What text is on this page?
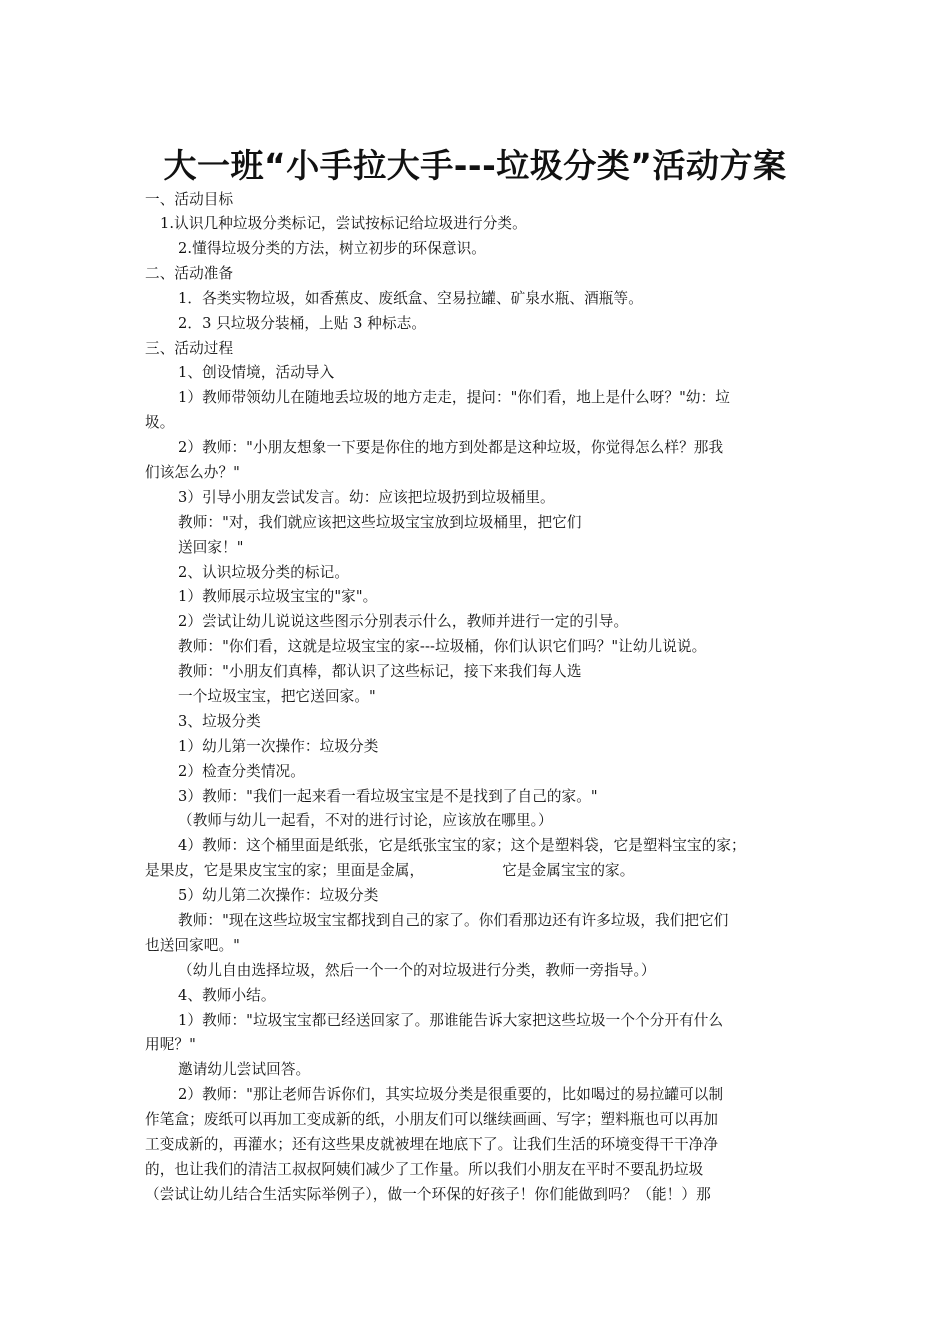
大一班“小手拉大手---垃圾分类”活动方案
一、活动目标
1.认识几种垃圾分类标记，尝试按标记给垃圾进行分类。
2.懂得垃圾分类的方法，树立初步的环保意识。
二、活动准备
1．各类实物垃圾，如香蕉皮、废纸盒、空易拉罐、矿泉水瓶、酒瓶等。
2．3 只垃圾分装桶，上贴 3 种标志。
三、活动过程
1、创设情境，活动导入
1）教师带领幼儿在随地丢垃圾的地方走走，提问："你们看，地上是什么呀？"幼：垃
圾。
2）教师："小朋友想象一下要是你住的地方到处都是这种垃圾，你觉得怎么样？那我
们该怎么办？"
3）引导小朋友尝试发言。幼：应该把垃圾扔到垃圾桶里。
教师："对，我们就应该把这些垃圾宝宝放到垃圾桶里，把它们
送回家！"
2、认识垃圾分类的标记。
1）教师展示垃圾宝宝的"家"。
2）尝试让幼儿说说这些图示分别表示什么，教师并进行一定的引导。
教师："你们看，这就是垃圾宝宝的家---垃圾桶，你们认识它们吗？"让幼儿说说。
教师："小朋友们真棒，都认识了这些标记，接下来我们每人选
一个垃圾宝宝，把它送回家。"
3、垃圾分类
1）幼儿第一次操作：垃圾分类
2）检查分类情况。
3）教师："我们一起来看一看垃圾宝宝是不是找到了自己的家。"
（教师与幼儿一起看，不对的进行讨论，应该放在哪里。）
4）教师：这个桶里面是纸张，它是纸张宝宝的家；这个是塑料袋，它是塑料宝宝的家；
是果皮，它是果皮宝宝的家；里面是金属，	它是金属宝宝的家。
5）幼儿第二次操作：垃圾分类
教师："现在这些垃圾宝宝都找到自己的家了。你们看那边还有许多垃圾，我们把它们
也送回家吧。"
（幼儿自由选择垃圾，然后一个一个的对垃圾进行分类，教师一旁指导。）
4、教师小结。
1）教师："垃圾宝宝都已经送回家了。那谁能告诉大家把这些垃圾一个个分开有什么
用呢？"
邀请幼儿尝试回答。
2）教师："那让老师告诉你们，其实垃圾分类是很重要的，比如喝过的易拉罐可以制
作笔盒；废纸可以再加工变成新的纸，小朋友们可以继续画画、写字；塑料瓶也可以再加
工变成新的，再灌水；还有这些果皮就被埋在地底下了。让我们生活的环境变得干干净净
的，也让我们的清洁工叔叔阿姨们减少了工作量。所以我们小朋友在平时不要乱扔垃圾
（尝试让幼儿结合生活实际举例子），做一个环保的好孩子！你们能做到吗？（能！）那
